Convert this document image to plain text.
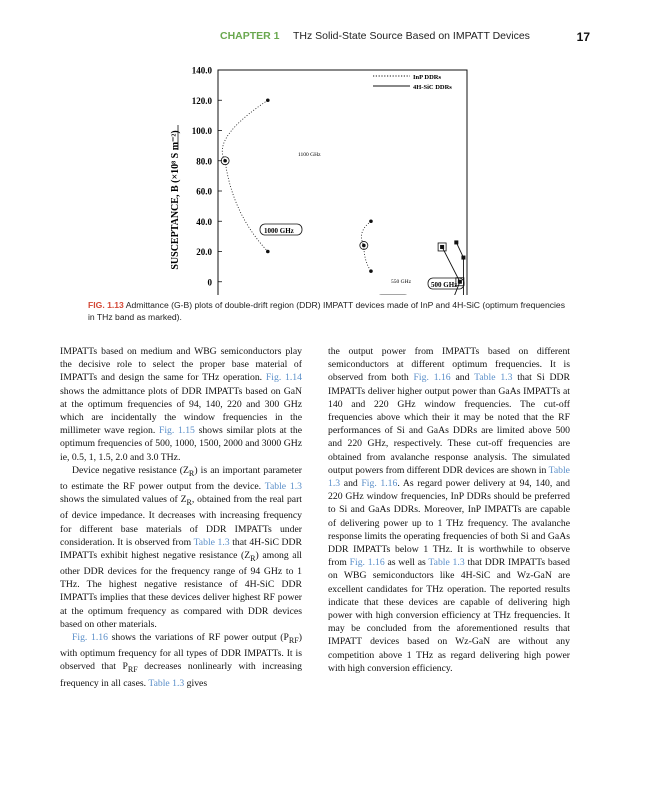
CHAPTER 1 THz Solid-State Source Based on IMPATT Devices	17
140.0
120.0
100.0
80.0
60.0
40.0
20.0
0
SUSCEPTANCE, B (×10⁸ S m⁻²)
InP DDRs
4H-SiC DDRs
1100 GHz
1000 GHz
550 GHz	500 GHz
FIG. 1.13 Admittance (G-B) plots of double-drift region (DDR) IMPATT devices made of InP and 4H-SiC (optimum frequencies in THz band as marked).

IMPATTs based on medium and WBG semiconductors play the decisive role to select the proper base material of IMPATTs and design the same for THz operation. Fig. 1.14 shows the admittance plots of DDR IMPATTs based on GaN at the optimum frequencies of 94, 140, 220 and 300 GHz which are incidentally the window frequencies in the millimeter wave region. Fig. 1.15 shows similar plots at the optimum frequencies of 500, 1000, 1500, 2000 and 3000 GHz ie, 0.5, 1, 1.5, 2.0 and 3.0 THz.

Device negative resistance $(Z_R)$ is an important parameter to estimate the RF power output from the device. Table 1.3 shows the simulated values of $Z_R$, obtained from the real part of device impedance. It decreases with increasing frequency for different base materials of DDR IMPATTs under consideration. It is observed from Table 1.3 that 4H-SiC DDR IMPATTs exhibit highest negative resistance $(Z_R)$ among all other DDR devices for the frequency range of 94 GHz to 1 THz. The highest negative resistance of 4H-SiC DDR IMPATTs implies that these devices deliver highest RF power at the optimum frequency as compared with DDR devices based on other materials.

Fig. 1.16 shows the variations of RF power output $(P_{RF})$ with optimum frequency for all types of DDR IMPATTs. It is observed that $P_{RF}$ decreases nonlinearly with increasing frequency in all cases. Table 1.3 gives

the output power from IMPATTs based on different semiconductors at different optimum frequencies. It is observed from both Fig. 1.16 and Table 1.3 that Si DDR IMPATTs deliver higher output power than GaAs IMPATTs at 140 and 220 GHz window frequencies. The cut-off frequencies above which their it may be noted that the RF performances of Si and GaAs DDRs are limited above 500 and 220 GHz, respectively. These cut-off frequencies are obtained from avalanche response analysis. The simulated output powers from different DDR devices are shown in Table 1.3 and Fig. 1.16. As regard power delivery at 94, 140, and 220 GHz window frequencies, InP DDRs should be preferred to Si and GaAs DDRs. Moreover, InP IMPATTs are capable of delivering power up to 1 THz frequency. The avalanche response limits the operating frequencies of both Si and GaAs DDR IMPATTs below 1 THz. It is worthwhile to observe from Fig. 1.16 as well as Table 1.3 that DDR IMPATTs based on WBG semiconductors like 4H-SiC and Wz-GaN are excellent candidates for THz operation. The reported results indicate that these devices are capable of delivering high power with high conversion efficiency at THz frequencies. It may be concluded from the aforementioned results that IMPATT devices based on Wz-GaN are without any competition above 1 THz as regard delivering high power with high conversion efficiency.
